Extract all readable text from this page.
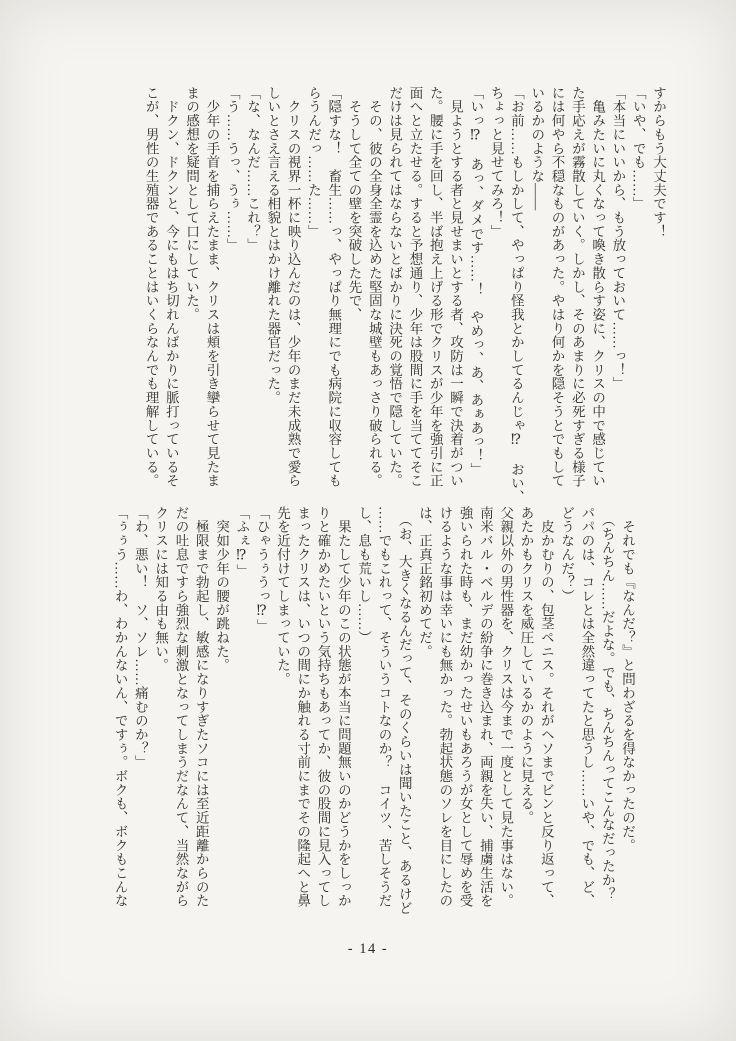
すからもう大丈夫です！

「いや、でも……」

「本当にいいから、もう放っておいて……っ！」

　亀みたいに丸くなって喚き散らす姿に、クリスの中で感じてい

た手応えが霧散していく。しかし、そのあまりに必死すぎる様子

には何やら不穏なものがあった。やはり何かを隠そうとでもして

いるかのような――

「お前……もしかして、やっぱり怪我とかしてるんじゃ⁉　おい、

ちょっと見せてみろ！」

「いっ⁉　あっ、ダメです……！　やめっ、あ、あぁあっ！」

　見ようとする者と見せまいとする者、攻防は一瞬で決着がつい

た。腰に手を回し、半ば抱え上げる形でクリスが少年を強引に正

面へと立たせる。すると予想通り、少年は股間に手を当ててそこ

だけは見られてはならないとばかりに決死の覚悟で隠していた。

　その、彼の全身全霊を込めた堅固な城壁もあっさり破られる。

　そうして全ての壁を突破した先で、

「隠すな！　畜生……っ、やっぱり無理にでも病院に収容しても

らうんだっ……た……」

　クリスの視界一杯に映り込んだのは、少年のまだ未成熟で愛ら

しいとさえ言える相貌とはかけ離れた器官だった。

「な、なんだ……これ？」

「う……うっ、うぅ……」

　少年の手首を捕らえたまま、クリスは頬を引き攣らせて見たま

まの感想を疑問として口にしていた。

　ドクン、ドクンと、今にもはち切れんばかりに脈打っているそ

こが、男性の生殖器であることはいくらなんでも理解している。

　それでも『なんだ？』と問わざるを得なかったのだ。

　（ちんちん……だよな。でも、ちんちんってこんなだったか？

パパのは、コレとは全然違ってたと思うし……いや、でも、ど、

どうなんだ？）

　皮かむりの、包茎ペニス。それがヘソまでビンと反り返って、

あたかもクリスを威圧しているかのように見える。

父親以外の男性器を、クリスは今まで一度として見た事はない。

南米バル・ベルデの紛争に巻き込まれ、両親を失い、捕虜生活を

強いられた時も、まだ幼かったせいもあろうが女として辱めを受

けるような事は幸いにも無かった。勃起状態のソレを目にしたの

は、正真正銘初めてだ。

　（お、大きくなるんだって、そのくらいは聞いたこと、あるけど

……でもこれって、そういうコトなのか？　コイツ、苦しそうだ

し、息も荒いし……）

　果たして少年のこの状態が本当に問題無いのかどうかをしっか

りと確かめたいという気持ちもあってか、彼の股間に見入ってし

まったクリスは、いつの間にか触れる寸前にまでその隆起へと鼻

先を近付けてしまっていた。

「ひゃうぅうっ⁉」

「ふぇ⁉」

　突如少年の腰が跳ねた。

　極限まで勃起し、敏感になりすぎたソコには至近距離からのた

だの吐息ですら強烈な刺激となってしまうだなんて、当然ながら

クリスには知る由も無い。

「わ、悪い！　ソ、ソレ……痛むのか？」

「ぅぅう……わ、わかんないん、ですぅ。ボクも、ボクもこんな

- 14 -
